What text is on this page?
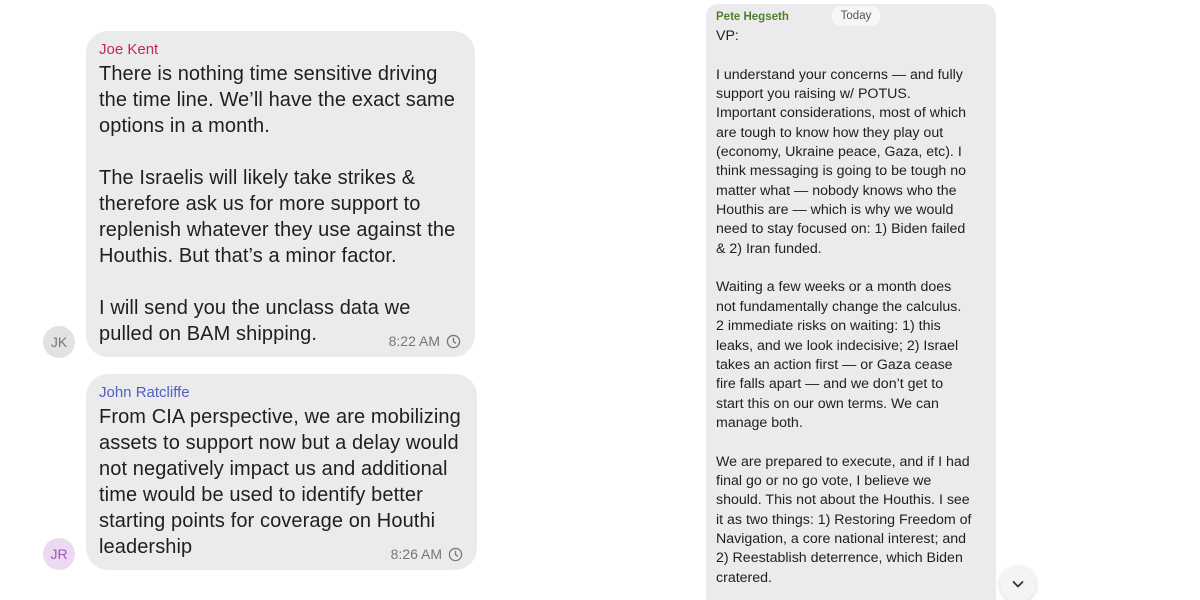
Joe Kent
There is nothing time sensitive driving
the time line. We’ll have the exact same
options in a month.

The Israelis will likely take strikes &
therefore ask us for more support to
replenish whatever they use against the
Houthis. But that’s a minor factor.

I will send you the unclass data we
pulled on BAM shipping.	8:22 AM
JK
John Ratcliffe
From CIA perspective, we are mobilizing
assets to support now but a delay would
not negatively impact us and additional
time would be used to identify better
starting points for coverage on Houthi
leadership	8:26 AM
JR
Pete Hegseth
VP:

I understand your concerns — and fully
support you raising w/ POTUS.
Important considerations, most of which
are tough to know how they play out
(economy, Ukraine peace, Gaza, etc). I
think messaging is going to be tough no
matter what — nobody knows who the
Houthis are — which is why we would
need to stay focused on: 1) Biden failed
& 2) Iran funded.

Waiting a few weeks or a month does
not fundamentally change the calculus.
2 immediate risks on waiting: 1) this
leaks, and we look indecisive; 2) Israel
takes an action first — or Gaza cease
fire falls apart — and we don’t get to
start this on our own terms. We can
manage both.

We are prepared to execute, and if I had
final go or no go vote, I believe we
should. This not about the Houthis. I see
it as two things: 1) Restoring Freedom of
Navigation, a core national interest; and
2) Reestablish deterrence, which Biden
cratered.
Today
